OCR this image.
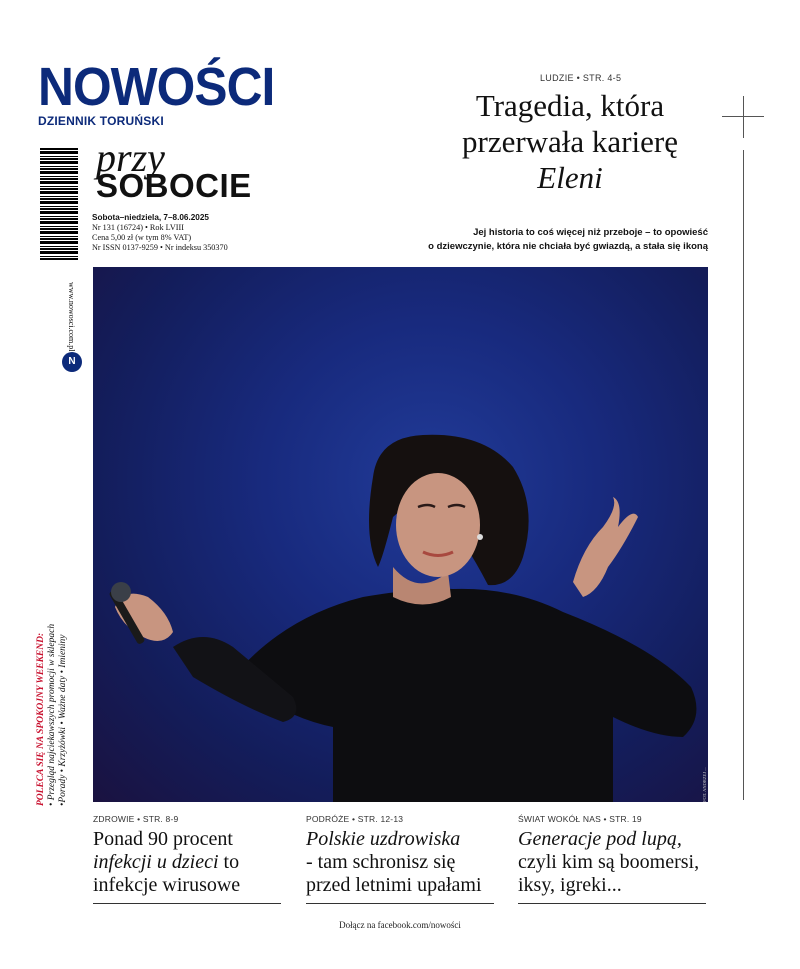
NOWOŚCI
DZIENNIK TORUŃSKI
przy
SOBOCIE
Sobota–niedziela, 7–8.06.2025
Nr 131 (16724) • Rok LVIII
Cena 5,00 zł (w tym 8% VAT)
Nr ISSN 0137-9259 • Nr indeksu 350370
www.nowosci.com.pl
N
POLECA SIĘ NA SPOKOJNY WEEKEND: • Przegląd najciekawszych promocji w sklepach •Porady • Krzyżówki • Ważne daty • Imieniny
LUDZIE • STR. 4-5
Tragedia, która
przerwała karierę
Eleni
Jej historia to coś więcej niż przeboje – to opowieść
o dziewczynie, która nie chciała być gwiazdą, a stała się ikoną
FOT. ANDRZEJ ...
ZDROWIE • STR. 8-9
Ponad 90 procent
infekcji u dzieci to
infekcje wirusowe
PODRÓŻE • STR. 12-13
Polskie uzdrowiska
- tam schronisz się
przed letnimi upałami
ŚWIAT WOKÓŁ NAS • STR. 19
Generacje pod lupą,
czyli kim są boomersi,
iksy, igreki...
Dołącz na facebook.com/nowości
